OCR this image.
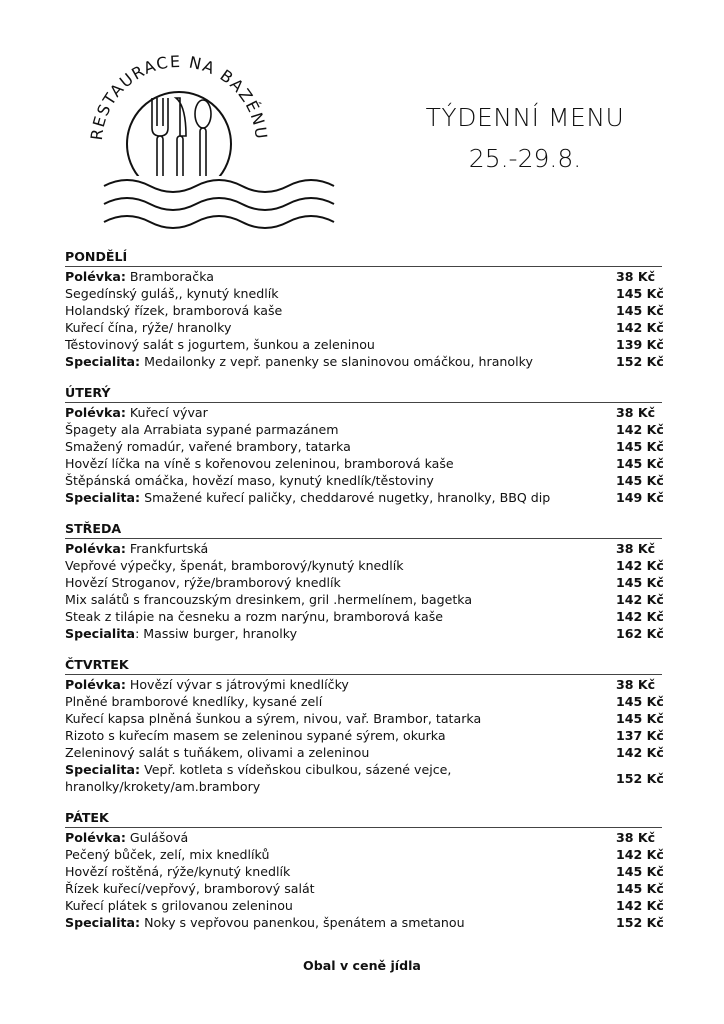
RESTAURACE NA BAZÉNU
TÝDENNÍ MENU
25.-29.8.
PONDĚLÍ
Polévka: Bramboračka	38 Kč
Segedínský guláš,, kynutý knedlík	145 Kč
Holandský řízek, bramborová kaše	145 Kč
Kuřecí čína, rýže/ hranolky	142 Kč
Těstovinový salát s jogurtem, šunkou a zeleninou	139 Kč
Specialita: Medailonky z vepř. panenky se slaninovou omáčkou, hranolky	152 Kč
ÚTERÝ
Polévka: Kuřecí vývar	38 Kč
Špagety ala Arrabiata sypané parmazánem	142 Kč
Smažený romadúr, vařené brambory, tatarka	145 Kč
Hovězí líčka na víně s kořenovou zeleninou, bramborová kaše	145 Kč
Štěpánská omáčka, hovězí maso, kynutý knedlík/těstoviny	145 Kč
Specialita: Smažené kuřecí paličky, cheddarové nugetky, hranolky, BBQ dip	149 Kč
STŘEDA
Polévka: Frankfurtská	38 Kč
Vepřové výpečky, špenát, bramborový/kynutý knedlík	142 Kč
Hovězí Stroganov, rýže/bramborový knedlík	145 Kč
Mix salátů s francouzským dresinkem, gril .hermelínem, bagetka	142 Kč
Steak z tilápie na česneku a rozm narýnu, bramborová kaše	142 Kč
Specialita: Massiw burger, hranolky	162 Kč
ČTVRTEK
Polévka: Hovězí vývar s játrovými knedlíčky	38 Kč
Plněné bramborové knedlíky, kysané zelí	145 Kč
Kuřecí kapsa plněná šunkou a sýrem, nivou, vař. Brambor, tatarka	145 Kč
Rizoto s kuřecím masem se zeleninou sypané sýrem, okurka	137 Kč
Zeleninový salát s tuňákem, olivami a zeleninou	142 Kč
Specialita: Vepř. kotleta s vídeňskou cibulkou, sázené vejce, hranolky/krokety/am.brambory
152 Kč
PÁTEK
Polévka: Gulášová	38 Kč
Pečený bůček, zelí, mix knedlíků	142 Kč
Hovězí roštěná, rýže/kynutý knedlík	145 Kč
Řízek kuřecí/vepřový, bramborový salát	145 Kč
Kuřecí plátek s grilovanou zeleninou	142 Kč
Specialita: Noky s vepřovou panenkou, špenátem a smetanou	152 Kč
Obal v ceně jídla
